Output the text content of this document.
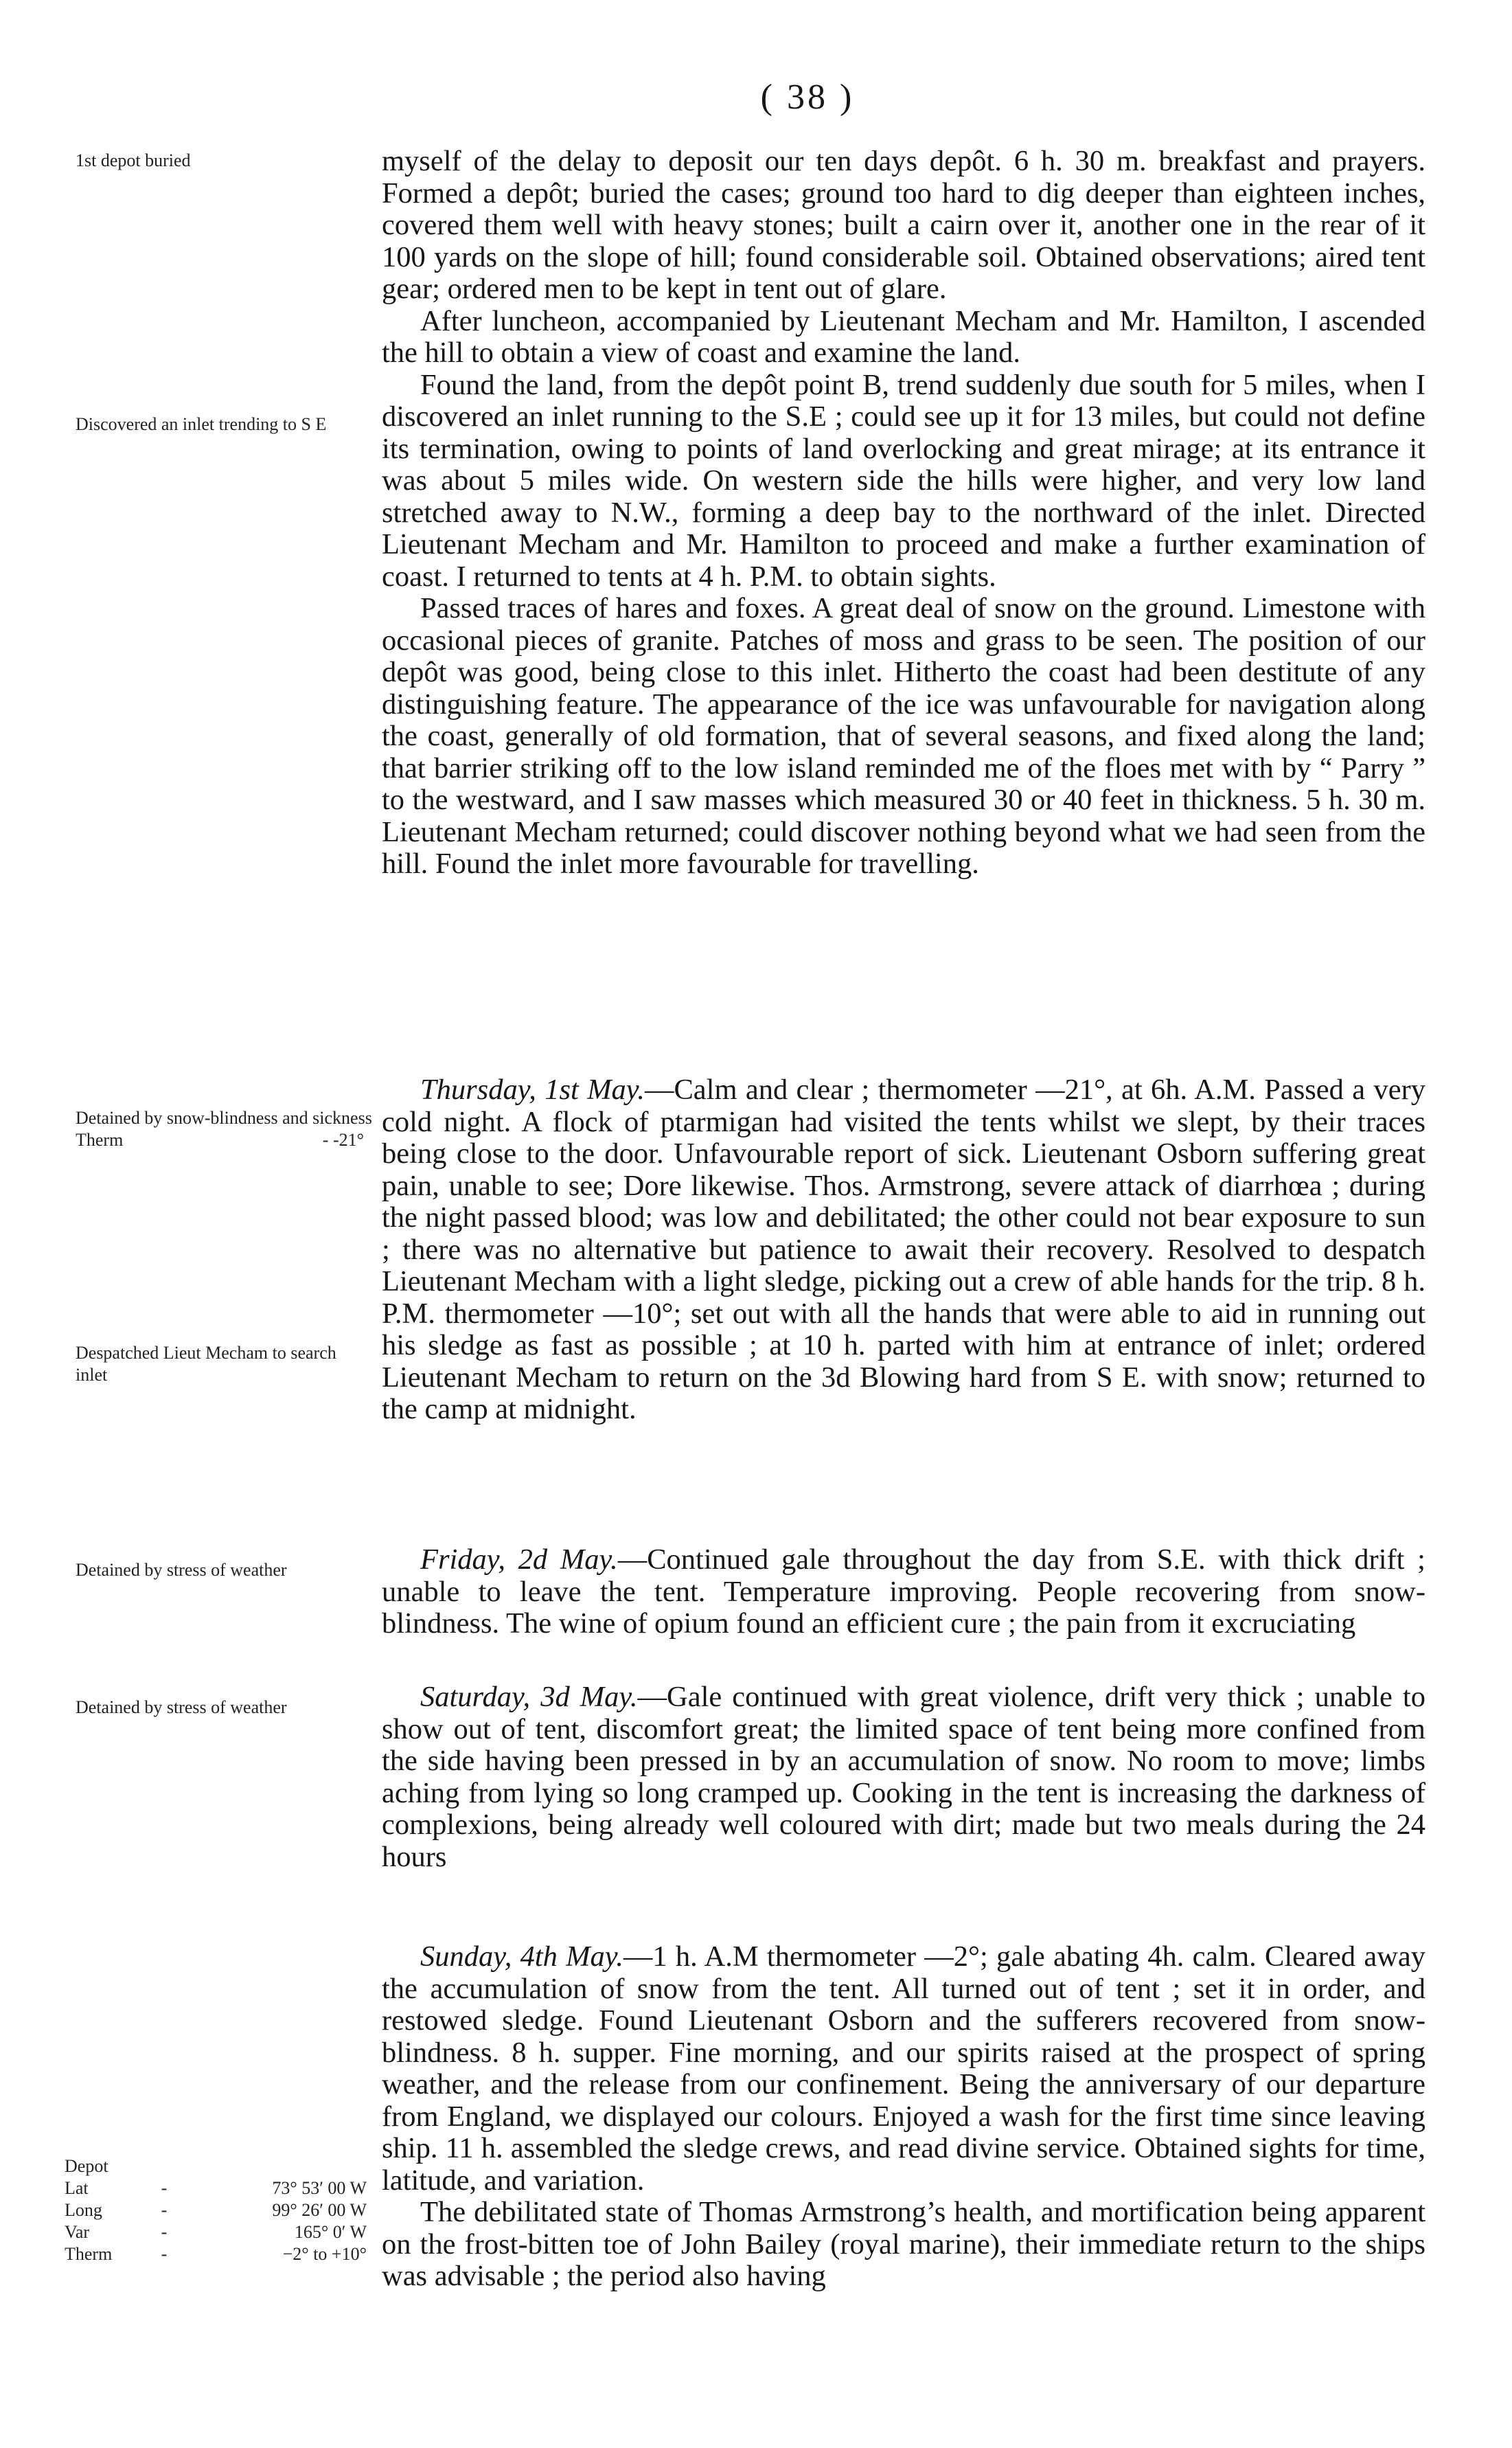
( 38 )
1st depot buried
Discovered an inlet trending to S E
Detained by snow-blindness and sickness
Therm	- -21°
Despatched Lieut Mecham to search inlet
Detained by stress of weather
Detained by stress of weather
Depot		
Lat	-	73° 53′ 00 W
Long	-	99° 26′ 00 W
Var	-	165° 0′ W
Therm	-	−2° to +10°

myself of the delay to deposit our ten days depôt. 6 h. 30 m. breakfast and prayers. Formed a depôt; buried the cases; ground too hard to dig deeper than eighteen inches, covered them well with heavy stones; built a cairn over it, another one in the rear of it 100 yards on the slope of hill; found considerable soil. Obtained observations; aired tent gear; ordered men to be kept in tent out of glare.

After luncheon, accompanied by Lieutenant Mecham and Mr. Hamilton, I ascended the hill to obtain a view of coast and examine the land.

Found the land, from the depôt point B, trend suddenly due south for 5 miles, when I discovered an inlet running to the S.E ; could see up it for 13 miles, but could not define its termination, owing to points of land overlocking and great mirage; at its entrance it was about 5 miles wide. On western side the hills were higher, and very low land stretched away to N.W., forming a deep bay to the northward of the inlet. Directed Lieutenant Mecham and Mr. Hamilton to proceed and make a further examination of coast. I returned to tents at 4 h. P.M. to obtain sights.

Passed traces of hares and foxes. A great deal of snow on the ground. Limestone with occasional pieces of granite. Patches of moss and grass to be seen. The position of our depôt was good, being close to this inlet. Hitherto the coast had been destitute of any distinguishing feature. The appearance of the ice was unfavourable for navigation along the coast, generally of old formation, that of several seasons, and fixed along the land; that barrier striking off to the low island reminded me of the floes met with by “ Parry ” to the westward, and I saw masses which measured 30 or 40 feet in thickness. 5 h. 30 m. Lieutenant Mecham returned; could discover nothing beyond what we had seen from the hill. Found the inlet more favourable for travelling.

Thursday, 1st May.—Calm and clear ; thermometer —21°, at 6h. A.M. Passed a very cold night. A flock of ptarmigan had visited the tents whilst we slept, by their traces being close to the door. Unfavourable report of sick. Lieutenant Osborn suffering great pain, unable to see; Dore likewise. Thos. Armstrong, severe attack of diarrhœa ; during the night passed blood; was low and debilitated; the other could not bear exposure to sun ; there was no alternative but patience to await their recovery. Resolved to despatch Lieutenant Mecham with a light sledge, picking out a crew of able hands for the trip. 8 h. P.M. thermometer —10°; set out with all the hands that were able to aid in running out his sledge as fast as possible ; at 10 h. parted with him at entrance of inlet; ordered Lieutenant Mecham to return on the 3d Blowing hard from S E. with snow; returned to the camp at midnight.

Friday, 2d May.—Continued gale throughout the day from S.E. with thick drift ; unable to leave the tent. Temperature improving. People recovering from snow-blindness. The wine of opium found an efficient cure ; the pain from it excruciating

Saturday, 3d May.—Gale continued with great violence, drift very thick ; unable to show out of tent, discomfort great; the limited space of tent being more confined from the side having been pressed in by an accumulation of snow. No room to move; limbs aching from lying so long cramped up. Cooking in the tent is increasing the darkness of complexions, being already well coloured with dirt; made but two meals during the 24 hours

Sunday, 4th May.—1 h. A.M thermometer —2°; gale abating 4h. calm. Cleared away the accumulation of snow from the tent. All turned out of tent ; set it in order, and restowed sledge. Found Lieutenant Osborn and the sufferers recovered from snow-blindness. 8 h. supper. Fine morning, and our spirits raised at the prospect of spring weather, and the release from our confinement. Being the anniversary of our departure from England, we displayed our colours. Enjoyed a wash for the first time since leaving ship. 11 h. assembled the sledge crews, and read divine service. Obtained sights for time, latitude, and variation.

The debilitated state of Thomas Armstrong’s health, and mortification being apparent on the frost-bitten toe of John Bailey (royal marine), their immediate return to the ships was advisable ; the period also having
